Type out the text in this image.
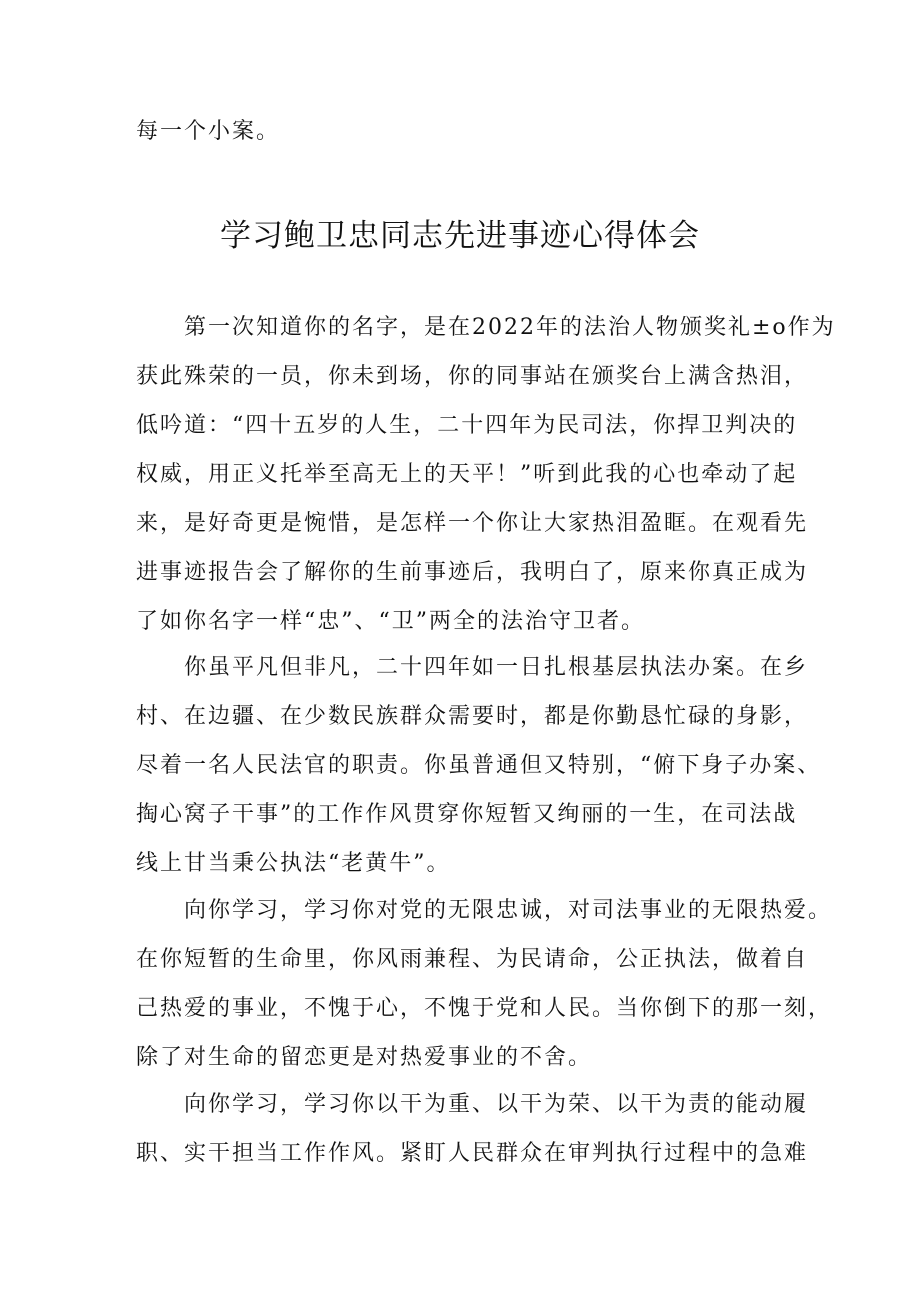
每一个小案。
学习鲍卫忠同志先进事迹心得体会
第一次知道你的名字，是在2022年的法治人物颁奖礼±o作为
获此殊荣的一员，你未到场，你的同事站在颁奖台上满含热泪，
低吟道：“四十五岁的人生，二十四年为民司法，你捍卫判决的
权威，用正义托举至高无上的天平！”听到此我的心也牵动了起
来，是好奇更是惋惜，是怎样一个你让大家热泪盈眶。在观看先
进事迹报告会了解你的生前事迹后，我明白了，原来你真正成为
了如你名字一样“忠”、“卫”两全的法治守卫者。
你虽平凡但非凡，二十四年如一日扎根基层执法办案。在乡
村、在边疆、在少数民族群众需要时，都是你勤恳忙碌的身影，
尽着一名人民法官的职责。你虽普通但又特别，“俯下身子办案、
掏心窝子干事”的工作作风贯穿你短暂又绚丽的一生，在司法战
线上甘当秉公执法“老黄牛”。
向你学习，学习你对党的无限忠诚，对司法事业的无限热爱。
在你短暂的生命里，你风雨兼程、为民请命，公正执法，做着自
己热爱的事业，不愧于心，不愧于党和人民。当你倒下的那一刻，
除了对生命的留恋更是对热爱事业的不舍。
向你学习，学习你以干为重、以干为荣、以干为责的能动履
职、实干担当工作作风。紧盯人民群众在审判执行过程中的急难
